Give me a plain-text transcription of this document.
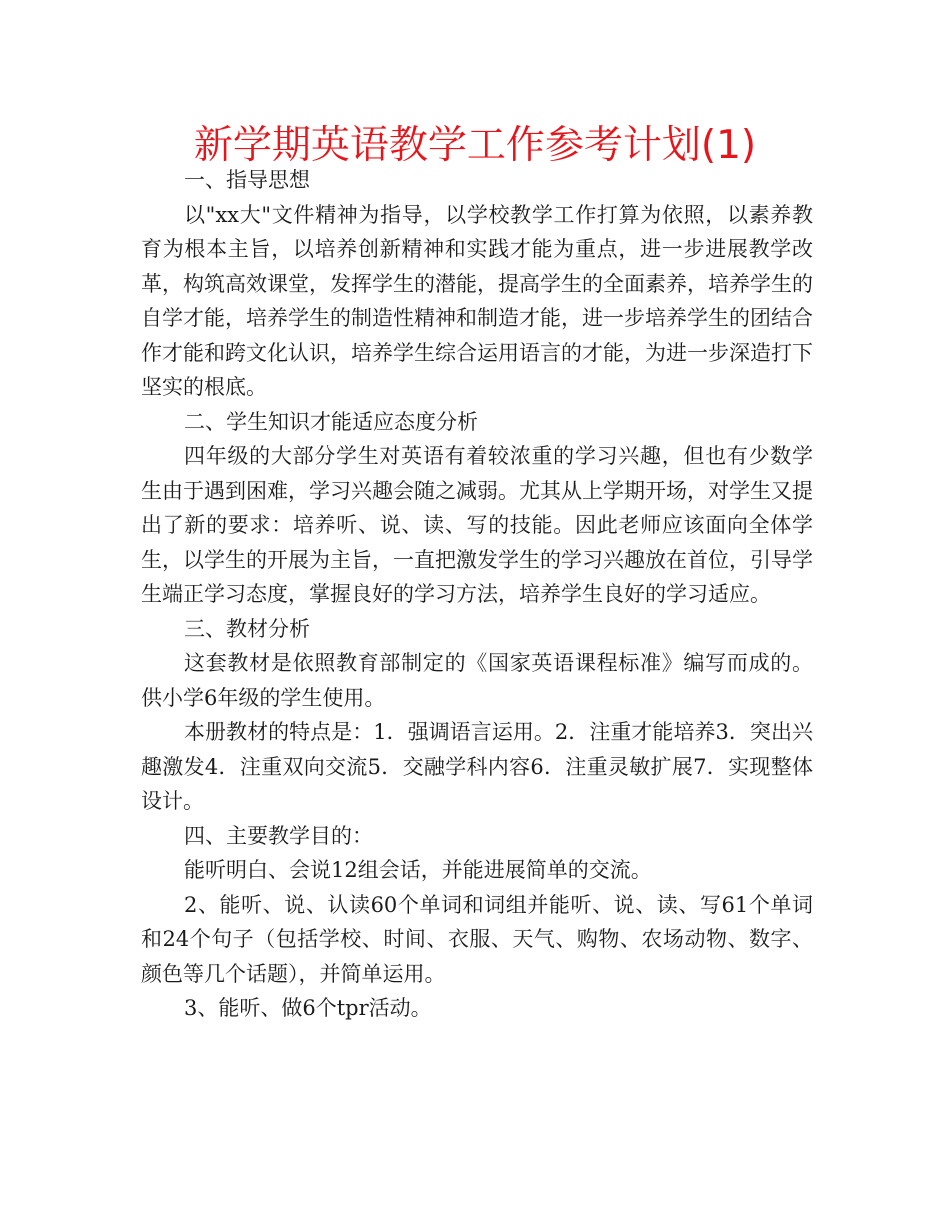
新学期英语教学工作参考计划(1)

一、指导思想

以"xx大"文件精神为指导，以学校教学工作打算为依照，以素养教育为根本主旨，以培养创新精神和实践才能为重点，进一步进展教学改革，构筑高效课堂，发挥学生的潜能，提高学生的全面素养，培养学生的自学才能，培养学生的制造性精神和制造才能，进一步培养学生的团结合作才能和跨文化认识，培养学生综合运用语言的才能，为进一步深造打下坚实的根底。

二、学生知识才能适应态度分析

四年级的大部分学生对英语有着较浓重的学习兴趣，但也有少数学生由于遇到困难，学习兴趣会随之减弱。尤其从上学期开场，对学生又提出了新的要求：培养听、说、读、写的技能。因此老师应该面向全体学生，以学生的开展为主旨，一直把激发学生的学习兴趣放在首位，引导学生端正学习态度，掌握良好的学习方法，培养学生良好的学习适应。

三、教材分析

这套教材是依照教育部制定的《国家英语课程标准》编写而成的。供小学6年级的学生使用。

本册教材的特点是：1．强调语言运用。2．注重才能培养3．突出兴趣激发4．注重双向交流5．交融学科内容6．注重灵敏扩展7．实现整体设计。

四、主要教学目的：

能听明白、会说12组会话，并能进展简单的交流。

2、能听、说、认读60个单词和词组并能听、说、读、写61个单词和24个句子（包括学校、时间、衣服、天气、购物、农场动物、数字、颜色等几个话题），并简单运用。

3、能听、做6个tpr活动。
